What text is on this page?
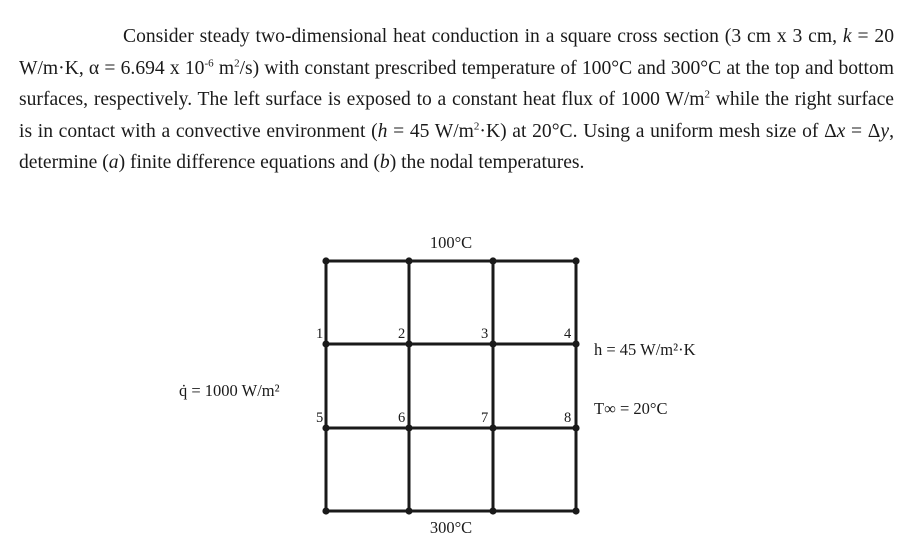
Consider steady two-dimensional heat conduction in a square cross section (3 cm x 3 cm, k = 20 W/m·K, α = 6.694 x $10^{-6}$ $m^2/s$) with constant prescribed temperature of 100°C and 300°C at the top and bottom surfaces, respectively. The left surface is exposed to a constant heat flux of 1000 $W/m^2$ while the right surface is in contact with a convective environment (h = 45 $W/m^2\cdot K$) at 20°C. Using a uniform mesh size of Δx = Δy, determine (a) finite difference equations and (b) the nodal temperatures.

1	2	3	4
5	6	7	8
100°C
300°C
q̇ = 1000 W/m²
h = 45 W/m²·K
T∞ = 20°C
